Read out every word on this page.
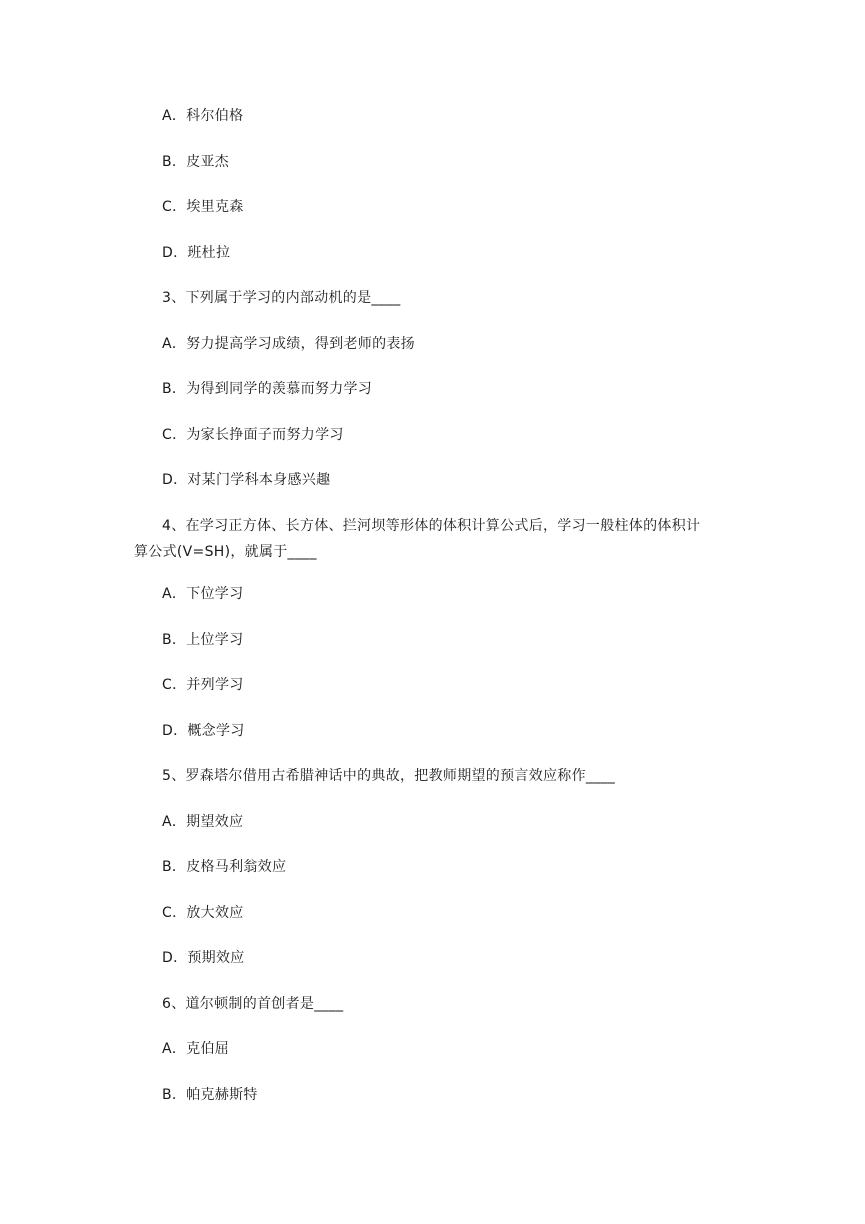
A．科尔伯格
B．皮亚杰
C．埃里克森
D．班杜拉
3、下列属于学习的内部动机的是____
A．努力提高学习成绩，得到老师的表扬
B．为得到同学的羡慕而努力学习
C．为家长挣面子而努力学习
D．对某门学科本身感兴趣
4、在学习正方体、长方体、拦河坝等形体的体积计算公式后，学习一般柱体的体积计
算公式(V=SH)，就属于____
A．下位学习
B．上位学习
C．并列学习
D．概念学习
5、罗森塔尔借用古希腊神话中的典故，把教师期望的预言效应称作____
A．期望效应
B．皮格马利翁效应
C．放大效应
D．预期效应
6、道尔顿制的首创者是____
A．克伯屈
B．帕克赫斯特
